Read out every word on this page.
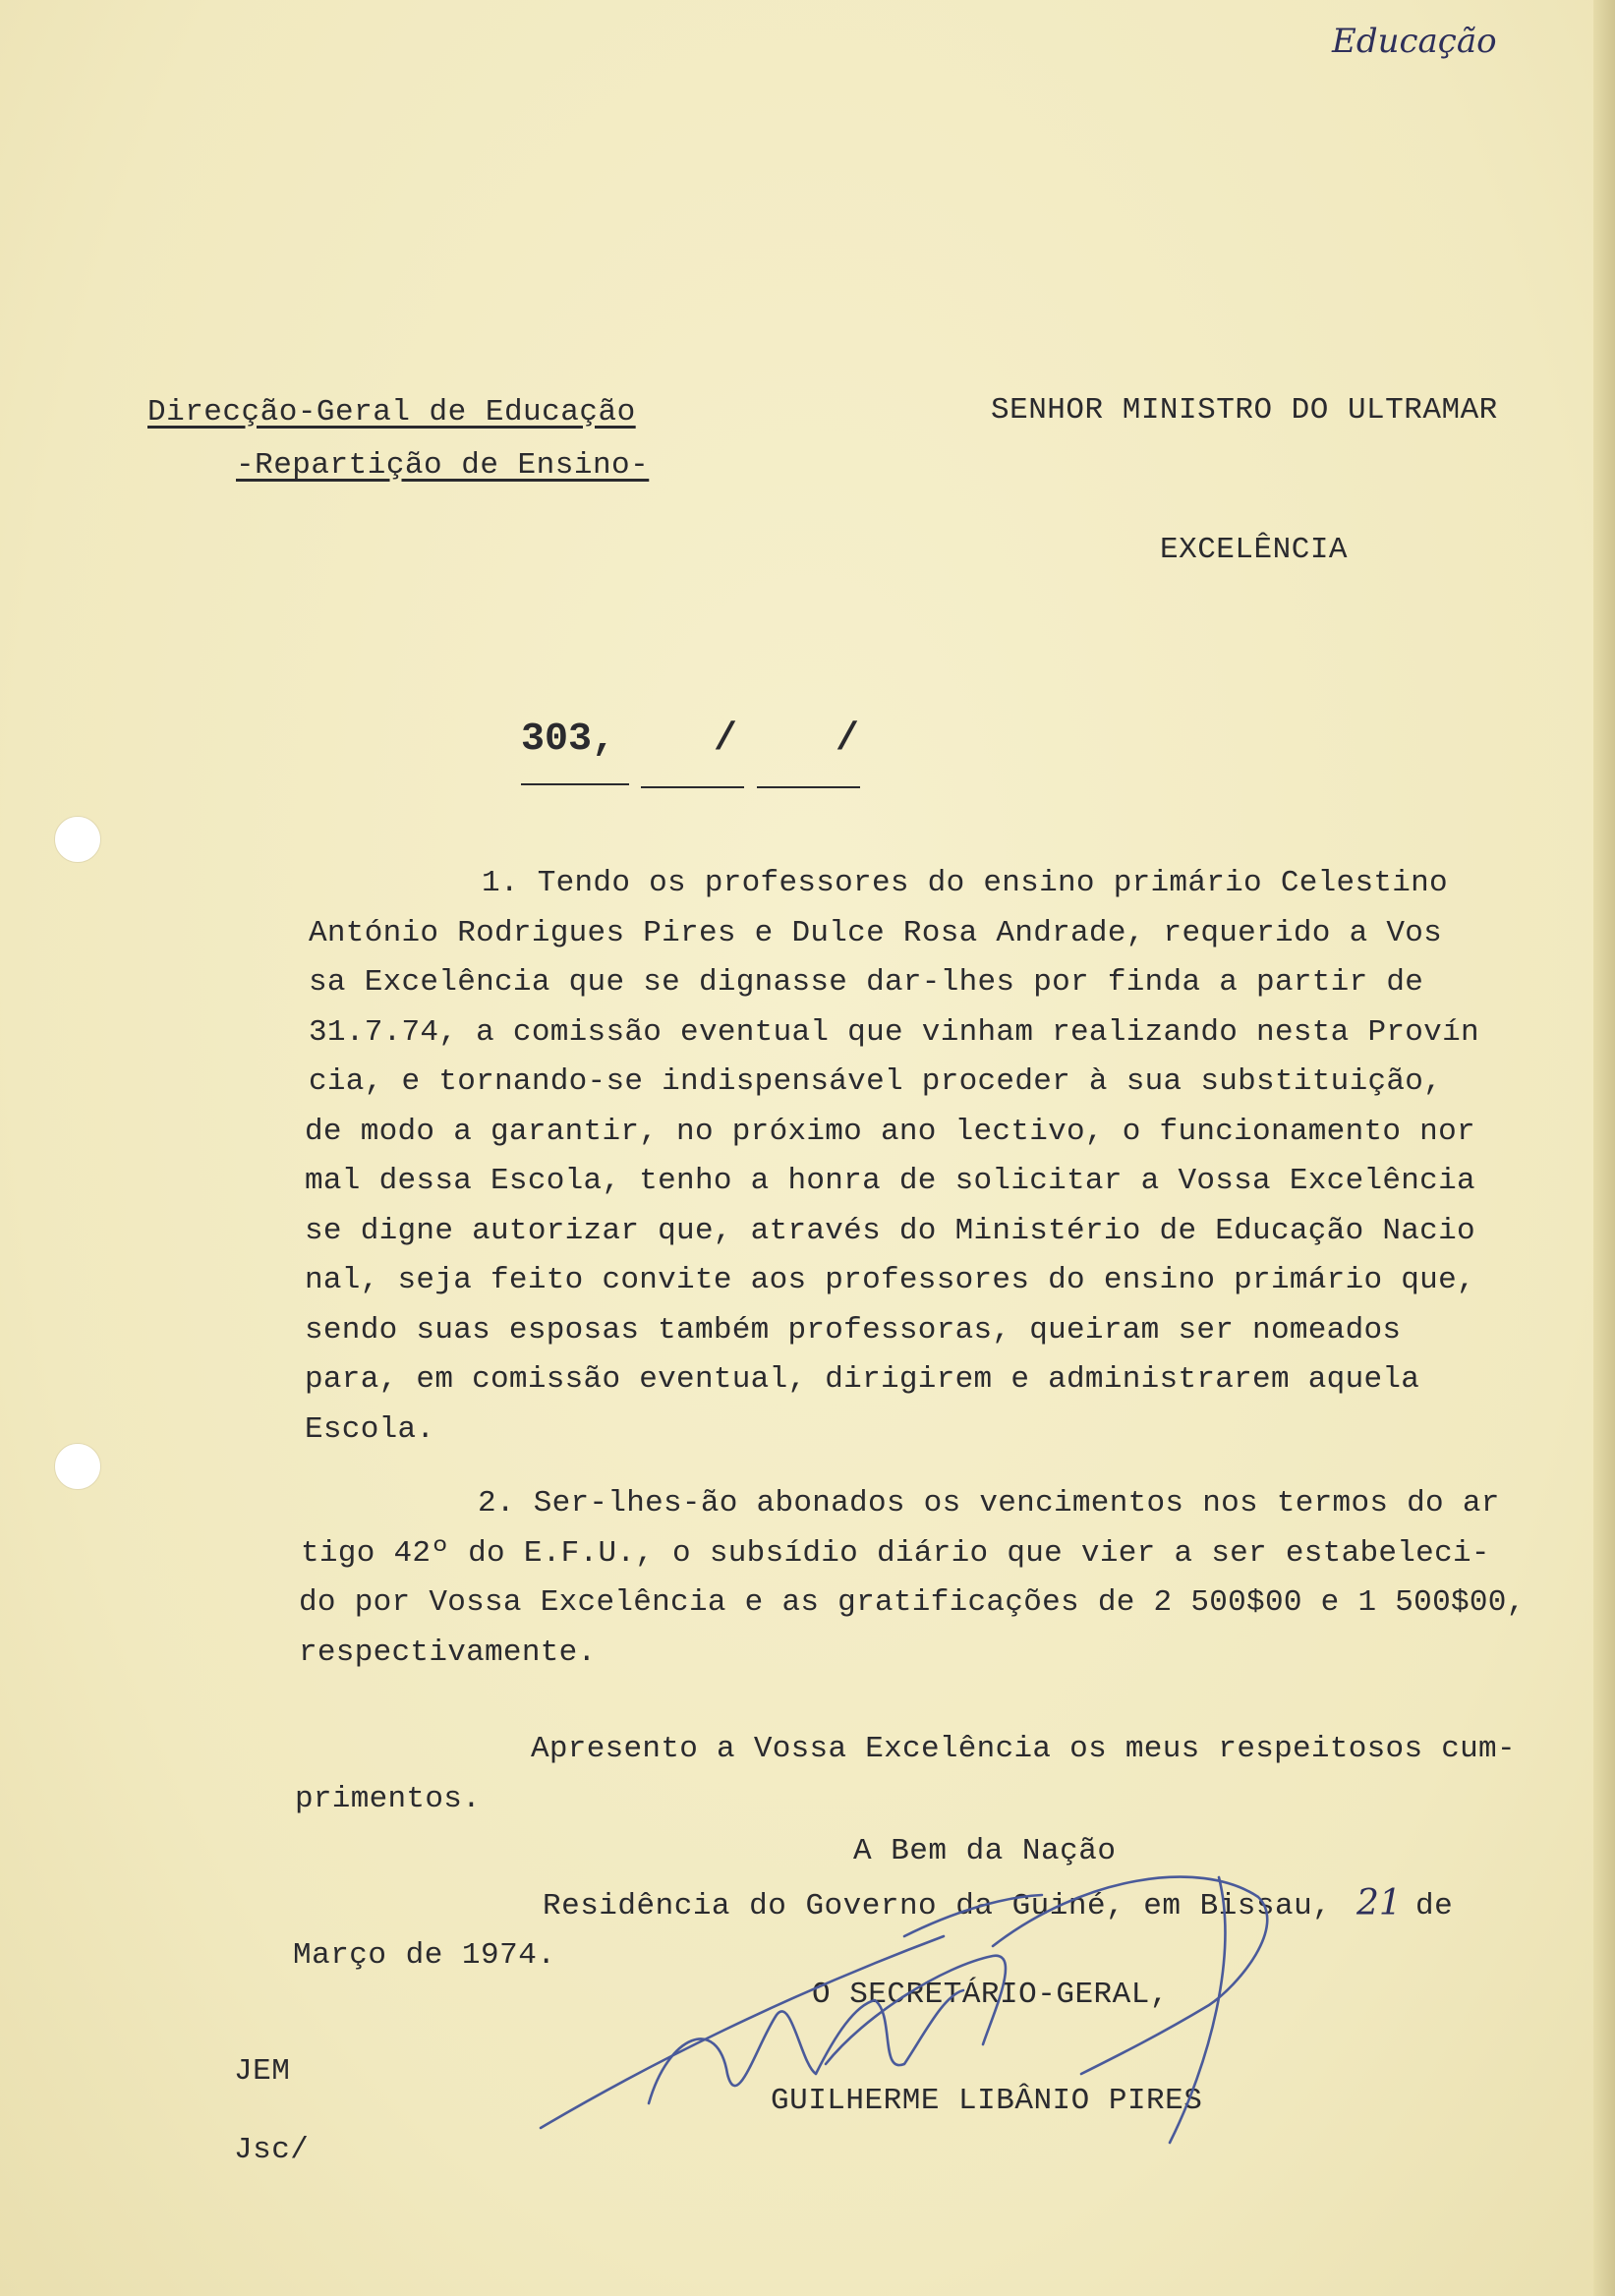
Educação
Direcção-Geral de Educação
-Repartição de Ensino-
SENHOR MINISTRO DO ULTRAMAR
EXCELÊNCIA
303, / /
1. Tendo os professores do ensino primário Celestino
António Rodrigues Pires e Dulce Rosa Andrade, requerido a Vos
sa Excelência que se dignasse dar-lhes por finda a partir de
31.7.74, a comissão eventual que vinham realizando nesta Provín
cia, e tornando-se indispensável proceder à sua substituição,
de modo a garantir, no próximo ano lectivo, o funcionamento nor
mal dessa Escola, tenho a honra de solicitar a Vossa Excelência
se digne autorizar que, através do Ministério de Educação Nacio
nal, seja feito convite aos professores do ensino primário que,
sendo suas esposas também professoras, queiram ser nomeados
para, em comissão eventual, dirigirem e administrarem aquela
Escola.
2. Ser-lhes-ão abonados os vencimentos nos termos do ar
tigo 42º do E.F.U., o subsídio diário que vier a ser estabeleci-
do por Vossa Excelência e as gratificações de 2 500$00 e 1 500$00,
respectivamente.
Apresento a Vossa Excelência os meus respeitosos cum-
primentos.
A Bem da Nação
Residência do Governo da Guiné, em Bissau, 21 de
Março de 1974.
O SECRETÁRIO-GERAL,
GUILHERME LIBÂNIO PIRES
JEM
Jsc/
